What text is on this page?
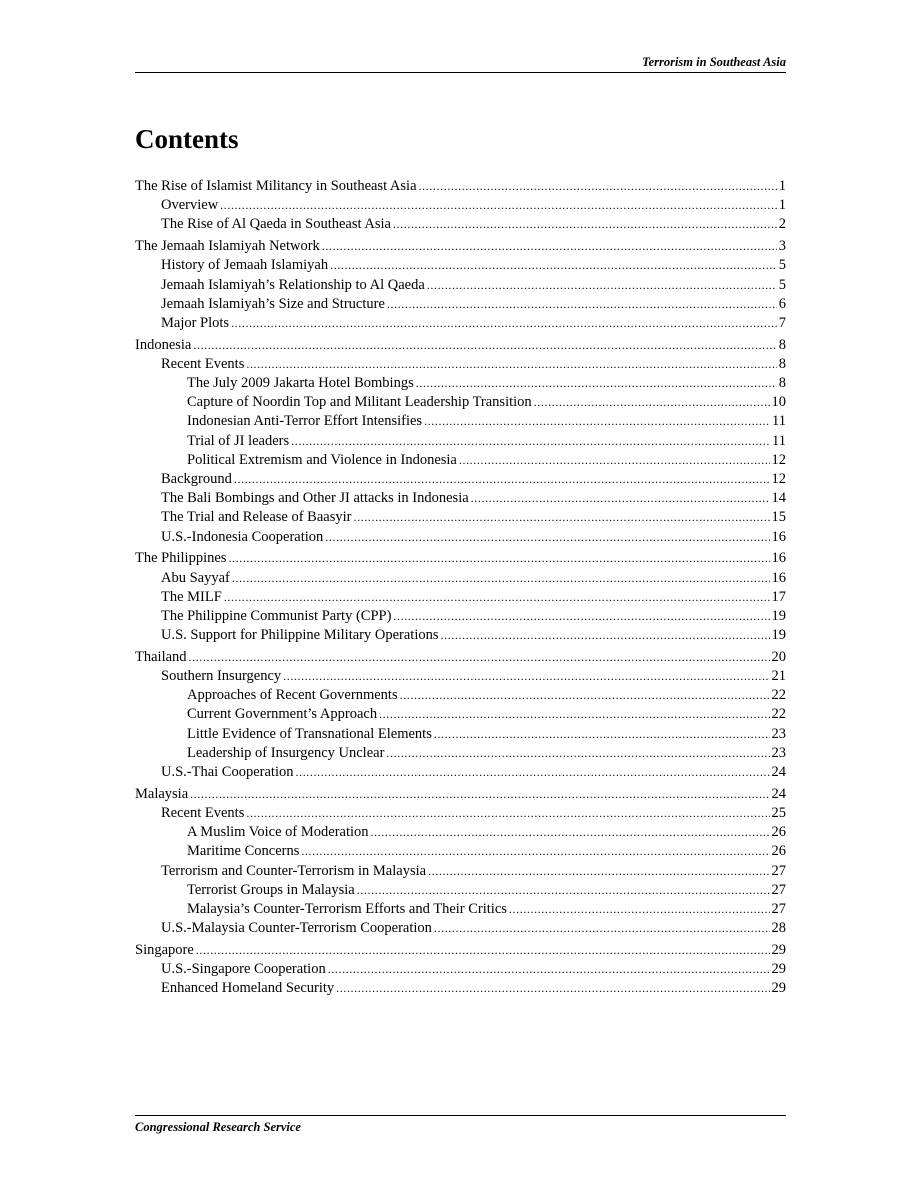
Terrorism in Southeast Asia
Contents
The Rise of Islamist Militancy in Southeast Asia .....	1
Overview .....	1
The Rise of Al Qaeda in Southeast Asia .....	2
The Jemaah Islamiyah Network .....	3
History of Jemaah Islamiyah .....	5
Jemaah Islamiyah’s Relationship to Al Qaeda .....	5
Jemaah Islamiyah’s Size and Structure .....	6
Major Plots .....	7
Indonesia .....	8
Recent Events .....	8
The July 2009 Jakarta Hotel Bombings .....	8
Capture of Noordin Top and Militant Leadership Transition .....	10
Indonesian Anti-Terror Effort Intensifies .....	11
Trial of JI leaders .....	11
Political Extremism and Violence in Indonesia .....	12
Background .....	12
The Bali Bombings and Other JI attacks in Indonesia .....	14
The Trial and Release of Baasyir .....	15
U.S.-Indonesia Cooperation .....	16
The Philippines .....	16
Abu Sayyaf .....	16
The MILF .....	17
The Philippine Communist Party (CPP) .....	19
U.S. Support for Philippine Military Operations .....	19
Thailand .....	20
Southern Insurgency .....	21
Approaches of Recent Governments .....	22
Current Government’s Approach .....	22
Little Evidence of Transnational Elements .....	23
Leadership of Insurgency Unclear .....	23
U.S.-Thai Cooperation .....	24
Malaysia .....	24
Recent Events .....	25
A Muslim Voice of Moderation .....	26
Maritime Concerns .....	26
Terrorism and Counter-Terrorism in Malaysia .....	27
Terrorist Groups in Malaysia .....	27
Malaysia’s Counter-Terrorism Efforts and Their Critics .....	27
U.S.-Malaysia Counter-Terrorism Cooperation .....	28
Singapore .....	29
U.S.-Singapore Cooperation .....	29
Enhanced Homeland Security .....	29
Congressional Research Service
